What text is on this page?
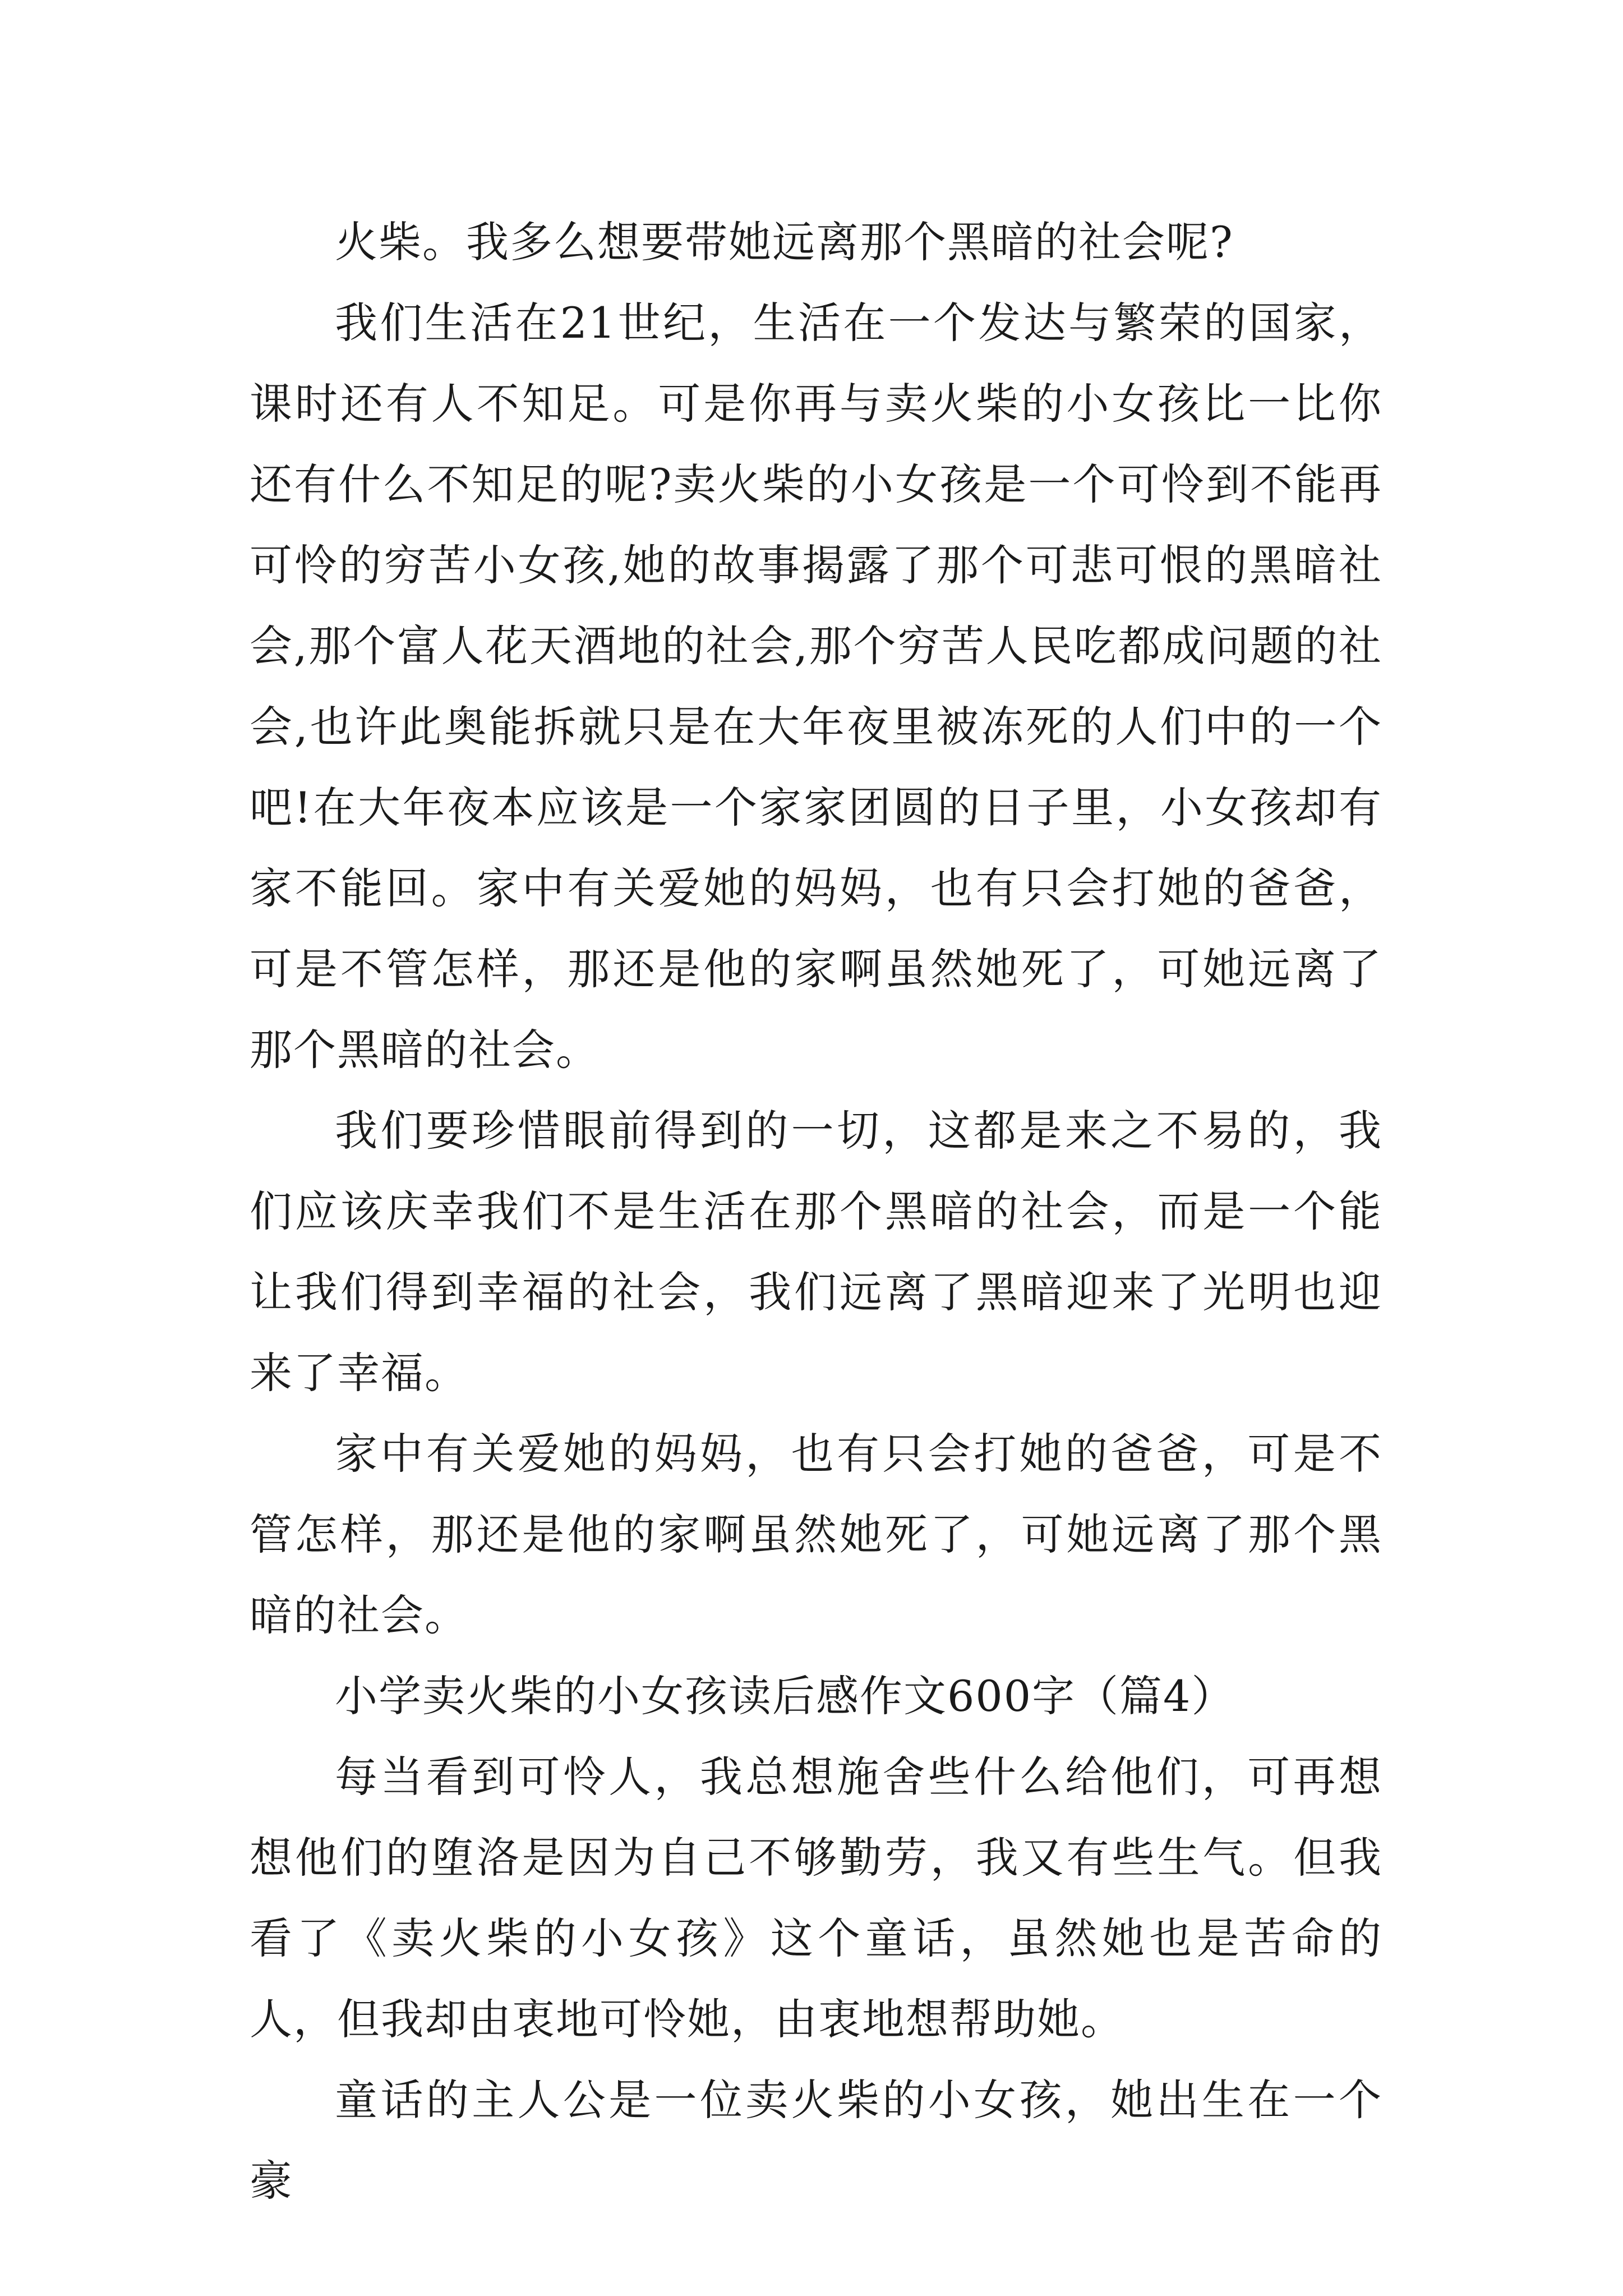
火柴。我多么想要带她远离那个黑暗的社会呢?

我们生活在21世纪，生活在一个发达与繁荣的国家，课时还有人不知足。可是你再与卖火柴的小女孩比一比你还有什么不知足的呢?卖火柴的小女孩是一个可怜到不能再可怜的穷苦小女孩,她的故事揭露了那个可悲可恨的黑暗社会,那个富人花天酒地的社会,那个穷苦人民吃都成问题的社会,也许此奥能拆就只是在大年夜里被冻死的人们中的一个吧!在大年夜本应该是一个家家团圆的日子里，小女孩却有家不能回。家中有关爱她的妈妈，也有只会打她的爸爸，可是不管怎样，那还是他的家啊虽然她死了，可她远离了那个黑暗的社会。

我们要珍惜眼前得到的一切，这都是来之不易的，我们应该庆幸我们不是生活在那个黑暗的社会，而是一个能让我们得到幸福的社会，我们远离了黑暗迎来了光明也迎来了幸福。

家中有关爱她的妈妈，也有只会打她的爸爸，可是不管怎样，那还是他的家啊虽然她死了，可她远离了那个黑暗的社会。

小学卖火柴的小女孩读后感作文600字（篇4）

每当看到可怜人，我总想施舍些什么给他们，可再想想他们的堕洛是因为自己不够勤劳，我又有些生气。但我看了《卖火柴的小女孩》这个童话，虽然她也是苦命的人，但我却由衷地可怜她，由衷地想帮助她。

童话的主人公是一位卖火柴的小女孩，她出生在一个豪
